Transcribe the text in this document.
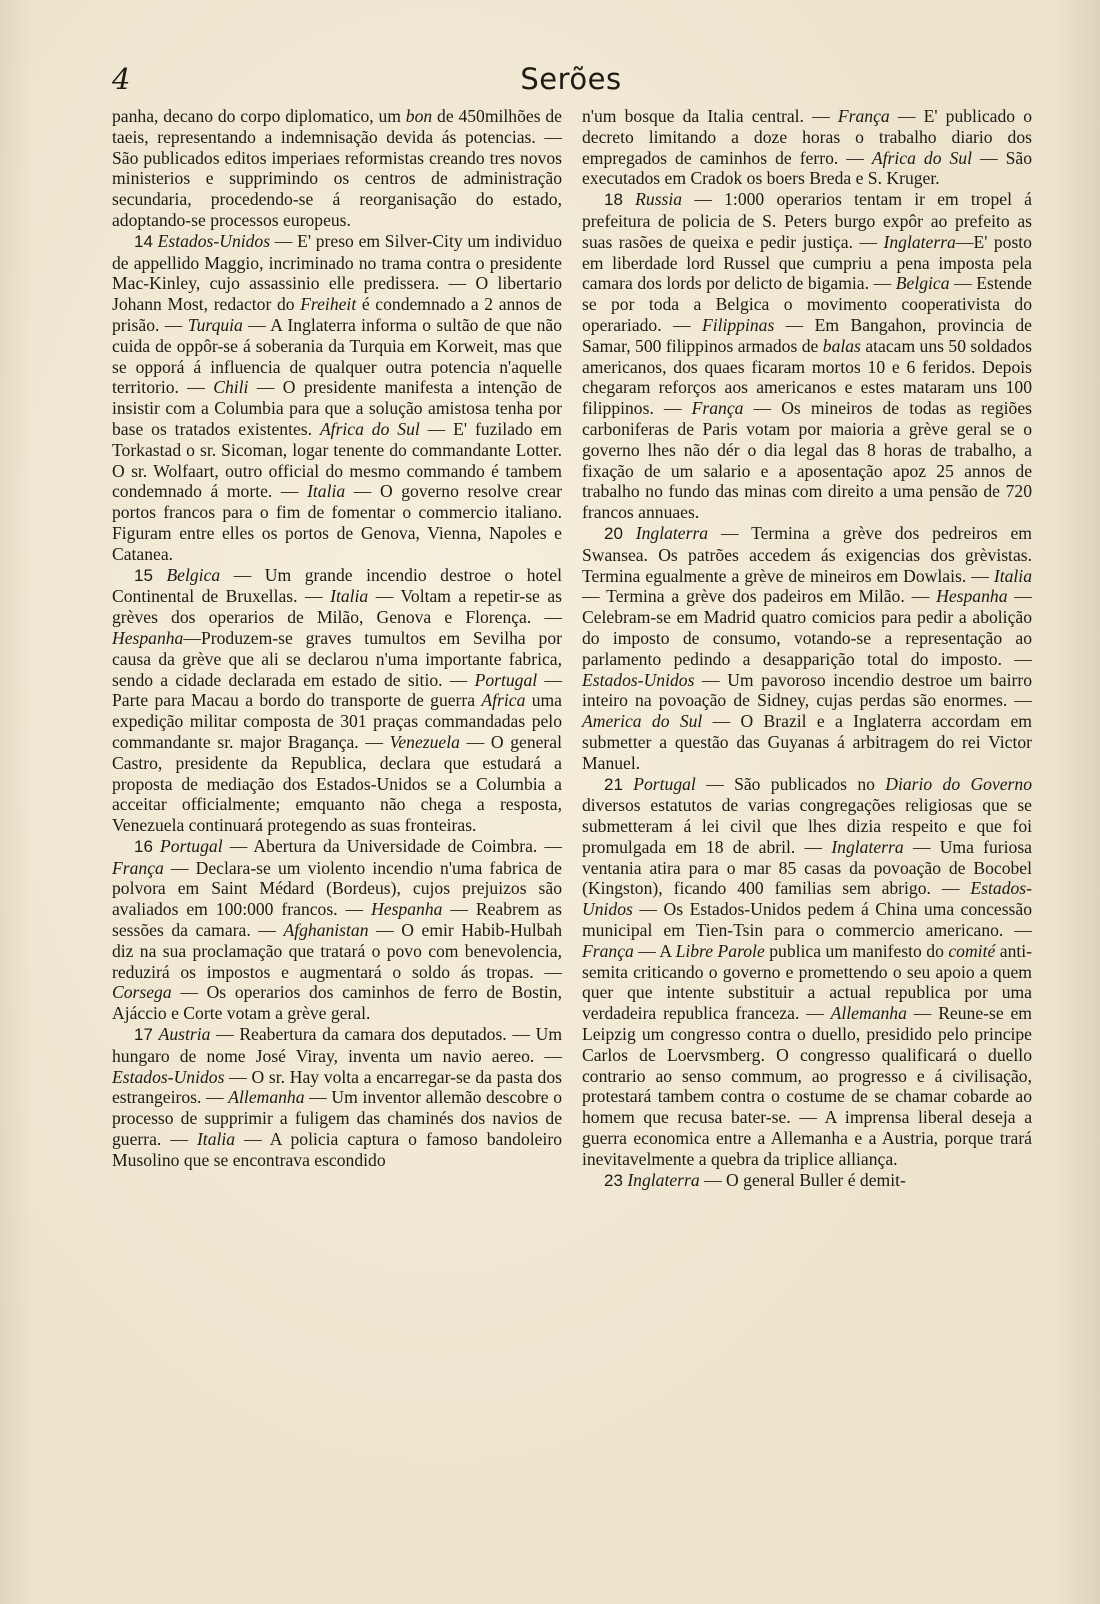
4	Serões

panha, decano do corpo diplomatico, um bon de 450milhões de taeis, representando a indemnisação devida ás potencias. — São publicados editos imperiaes reformistas creando tres novos ministerios e supprimindo os centros de administração secundaria, procedendo-se á reorganisação do estado, adoptando-se processos europeus.

14 Estados-Unidos — E' preso em Silver-City um individuo de appellido Maggio, incriminado no trama contra o presidente Mac-Kinley, cujo assassinio elle predissera. — O libertario Johann Most, redactor do Freiheit é condemnado a 2 annos de prisão. — Turquia — A Inglaterra informa o sultão de que não cuida de oppôr-se á soberania da Turquia em Korweit, mas que se opporá á influencia de qualquer outra potencia n'aquelle territorio. — Chili — O presidente manifesta a intenção de insistir com a Columbia para que a solução amistosa tenha por base os tratados existentes. Africa do Sul — E' fuzilado em Torkastad o sr. Sicoman, logar tenente do commandante Lotter. O sr. Wolfaart, outro official do mesmo commando é tambem condemnado á morte. — Italia — O governo resolve crear portos francos para o fim de fomentar o commercio italiano. Figuram entre elles os portos de Genova, Vienna, Napoles e Catanea.

15 Belgica — Um grande incendio destroe o hotel Continental de Bruxellas. — Italia — Voltam a repetir-se as grèves dos operarios de Milão, Genova e Florença. — Hespanha—Produzem-se graves tumultos em Sevilha por causa da grève que ali se declarou n'uma importante fabrica, sendo a cidade declarada em estado de sitio. — Portugal — Parte para Macau a bordo do transporte de guerra Africa uma expedição militar composta de 301 praças commandadas pelo commandante sr. major Bragança. — Venezuela — O general Castro, presidente da Republica, declara que estudará a proposta de mediação dos Estados-Unidos se a Columbia a acceitar officialmente; emquanto não chega a resposta, Venezuela continuará protegendo as suas fronteiras.

16 Portugal — Abertura da Universidade de Coimbra. — França — Declara-se um violento incendio n'uma fabrica de polvora em Saint Médard (Bordeus), cujos prejuizos são avaliados em 100:000 francos. — Hespanha — Reabrem as sessões da camara. — Afghanistan — O emir Habib-Hulbah diz na sua proclamação que tratará o povo com benevolencia, reduzirá os impostos e augmentará o soldo ás tropas. — Corsega — Os operarios dos caminhos de ferro de Bostin, Ajáccio e Corte votam a grève geral.

17 Austria — Reabertura da camara dos deputados. — Um hungaro de nome José Viray, inventa um navio aereo. — Estados-Unidos — O sr. Hay volta a encarregar-se da pasta dos estrangeiros. — Allemanha — Um inventor allemão descobre o processo de supprimir a fuligem das chaminés dos navios de guerra. — Italia — A policia captura o famoso bandoleiro Musolino que se encontrava escondido

n'um bosque da Italia central. — França — E' publicado o decreto limitando a doze horas o trabalho diario dos empregados de caminhos de ferro. — Africa do Sul — São executados em Cradok os boers Breda e S. Kruger.

18 Russia — 1:000 operarios tentam ir em tropel á prefeitura de policia de S. Peters burgo expôr ao prefeito as suas rasões de queixa e pedir justiça. — Inglaterra—E' posto em liberdade lord Russel que cumpriu a pena imposta pela camara dos lords por delicto de bigamia. — Belgica — Estende se por toda a Belgica o movimento cooperativista do operariado. — Filippinas — Em Bangahon, provincia de Samar, 500 filippinos armados de balas atacam uns 50 soldados americanos, dos quaes ficaram mortos 10 e 6 feridos. Depois chegaram reforços aos americanos e estes mataram uns 100 filippinos. — França — Os mineiros de todas as regiões carboniferas de Paris votam por maioria a grève geral se o governo lhes não dér o dia legal das 8 horas de trabalho, a fixação de um salario e a aposentação apoz 25 annos de trabalho no fundo das minas com direito a uma pensão de 720 francos annuaes.

20 Inglaterra — Termina a grève dos pedreiros em Swansea. Os patrões accedem ás exigencias dos grèvistas. Termina egualmente a grève de mineiros em Dowlais. — Italia — Termina a grève dos padeiros em Milão. — Hespanha — Celebram-se em Madrid quatro comicios para pedir a abolição do imposto de consumo, votando-se a representação ao parlamento pedindo a desapparição total do imposto. — Estados-Unidos — Um pavoroso incendio destroe um bairro inteiro na povoação de Sidney, cujas perdas são enormes. —America do Sul — O Brazil e a Inglaterra accordam em submetter a questão das Guyanas á arbitragem do rei Victor Manuel.

21 Portugal — São publicados no Diario do Governo diversos estatutos de varias congregações religiosas que se submetteram á lei civil que lhes dizia respeito e que foi promulgada em 18 de abril. — Inglaterra — Uma furiosa ventania atira para o mar 85 casas da povoação de Bocobel (Kingston), ficando 400 familias sem abrigo. — Estados-Unidos — Os Estados-Unidos pedem á China uma concessão municipal em Tien-Tsin para o commercio americano. — França — A Libre Parole publica um manifesto do comité anti-semita criticando o governo e promettendo o seu apoio a quem quer que intente substituir a actual republica por uma verdadeira republica franceza. — Allemanha — Reune-se em Leipzig um congresso contra o duello, presidido pelo principe Carlos de Loervsmberg. O congresso qualificará o duello contrario ao senso commum, ao progresso e á civilisação, protestará tambem contra o costume de se chamar cobarde ao homem que recusa bater-se. — A imprensa liberal deseja a guerra economica entre a Allemanha e a Austria, porque trará inevitavelmente a quebra da triplice alliança.

23 Inglaterra — O general Buller é demit-
